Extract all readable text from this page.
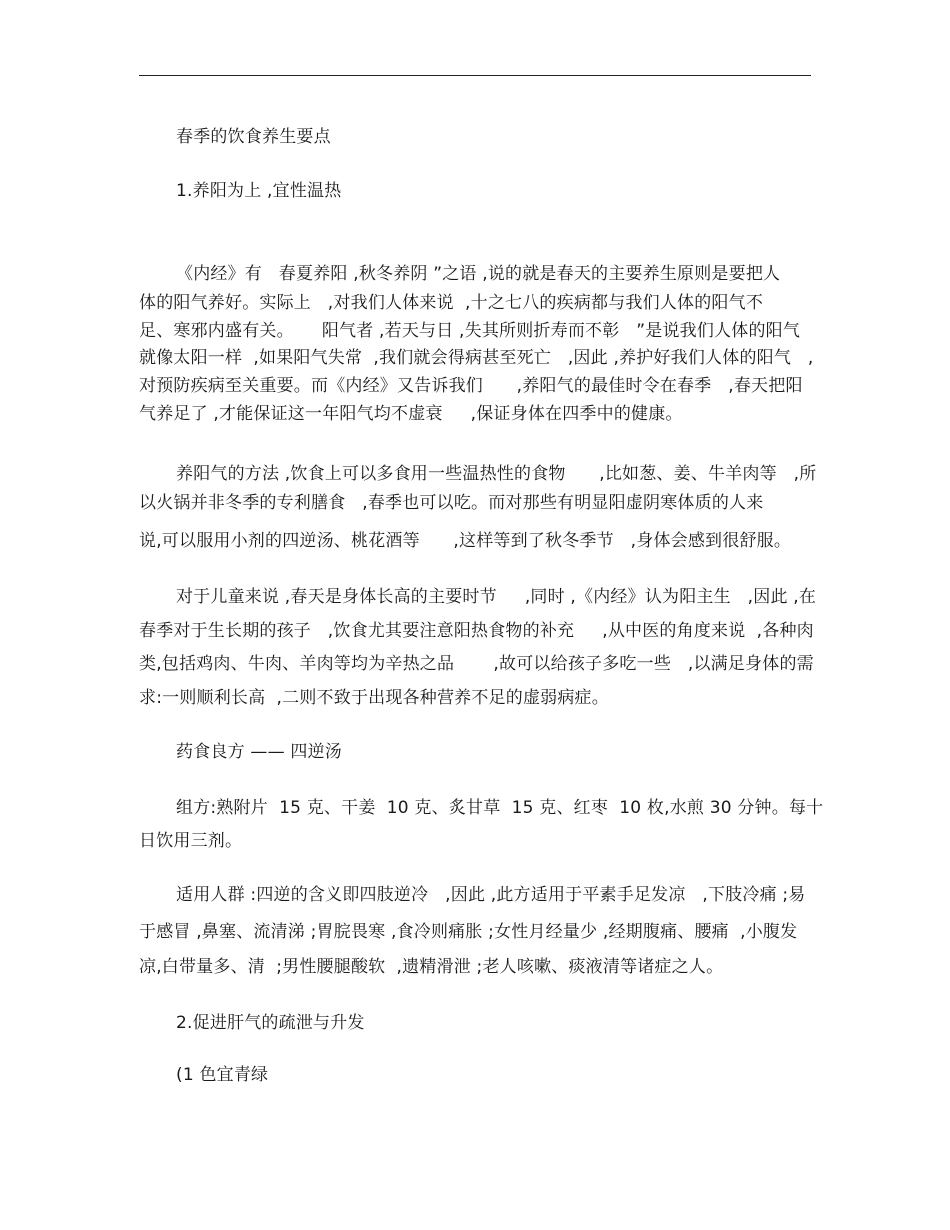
春季的饮食养生要点
1.养阳为上 ,宜性温热
《内经》有   春夏养阳 ,秋冬养阴 ”之语 ,说的就是春天的主要养生原则是要把人
体的阳气养好。实际上   ,对我们人体来说  ,十之七八的疾病都与我们人体的阳气不
足、寒邪内盛有关。     阳气者 ,若天与日 ,失其所则折寿而不彰   ”是说我们人体的阳气
就像太阳一样  ,如果阳气失常  ,我们就会得病甚至死亡   ,因此 ,养护好我们人体的阳气   ,
对预防疾病至关重要。而《内经》又告诉我们      ,养阳气的最佳时令在春季   ,春天把阳
气养足了 ,才能保证这一年阳气均不虚衰     ,保证身体在四季中的健康。
养阳气的方法 ,饮食上可以多食用一些温热性的食物      ,比如葱、姜、牛羊肉等   ,所
以火锅并非冬季的专利膳食   ,春季也可以吃。而对那些有明显阳虚阴寒体质的人来
说,可以服用小剂的四逆汤、桃花酒等      ,这样等到了秋冬季节   ,身体会感到很舒服。
对于儿童来说 ,春天是身体长高的主要时节     ,同时 ,《内经》认为阳主生   ,因此 ,在
春季对于生长期的孩子   ,饮食尤其要注意阳热食物的补充     ,从中医的角度来说  ,各种肉
类,包括鸡肉、牛肉、羊肉等均为辛热之品       ,故可以给孩子多吃一些   ,以满足身体的需
求:一则顺利长高  ,二则不致于出现各种营养不足的虚弱病症。
药食良方 —— 四逆汤
组方:熟附片  15 克、干姜  10 克、炙甘草  15 克、红枣  10 枚,水煎 30 分钟。每十
日饮用三剂。
适用人群 :四逆的含义即四肢逆冷   ,因此 ,此方适用于平素手足发凉   ,下肢冷痛 ;易
于感冒 ,鼻塞、流清涕 ;胃脘畏寒 ,食冷则痛胀 ;女性月经量少 ,经期腹痛、腰痛  ,小腹发
凉,白带量多、清  ;男性腰腿酸软  ,遗精滑泄 ;老人咳嗽、痰液清等诸症之人。
2.促进肝气的疏泄与升发
(1 色宜青绿
